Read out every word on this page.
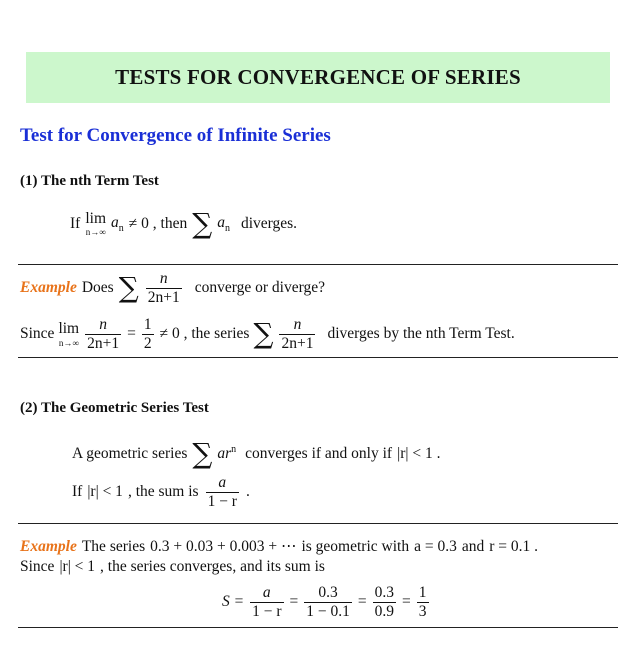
TESTS FOR CONVERGENCE OF SERIES
Test for Convergence of Infinite Series
(1) The nth Term Test
If lim
n→∞
$a_n \ne 0$ , then ∑ $a_n$ diverges.
Example Does ∑ $\frac{n}{2n+1}$ converge or diverge?
Since lim
$n\to\infty \frac{n}{2n+1} = \frac{1}{2} \ne 0$ , the series ∑ $\frac{n}{2n+1}$ diverges by the nth Term Test.
(2) The Geometric Series Test
A geometric series ∑ $ar^n$ converges if and only if |r| < 1 .
If |r| < 1 , the sum is $\frac{a}{1 - r}$ .
Example The series 0.3 + 0.03 + 0.003 + ⋯ is geometric with a = 0.3 and r = 0.1 .
Since |r| < 1 , the series converges, and its sum is
$S = \frac{a}{1 - r} = \frac{0.3}{1 - 0.1} = \frac{0.3}{0.9} = \frac{1}{3}$
